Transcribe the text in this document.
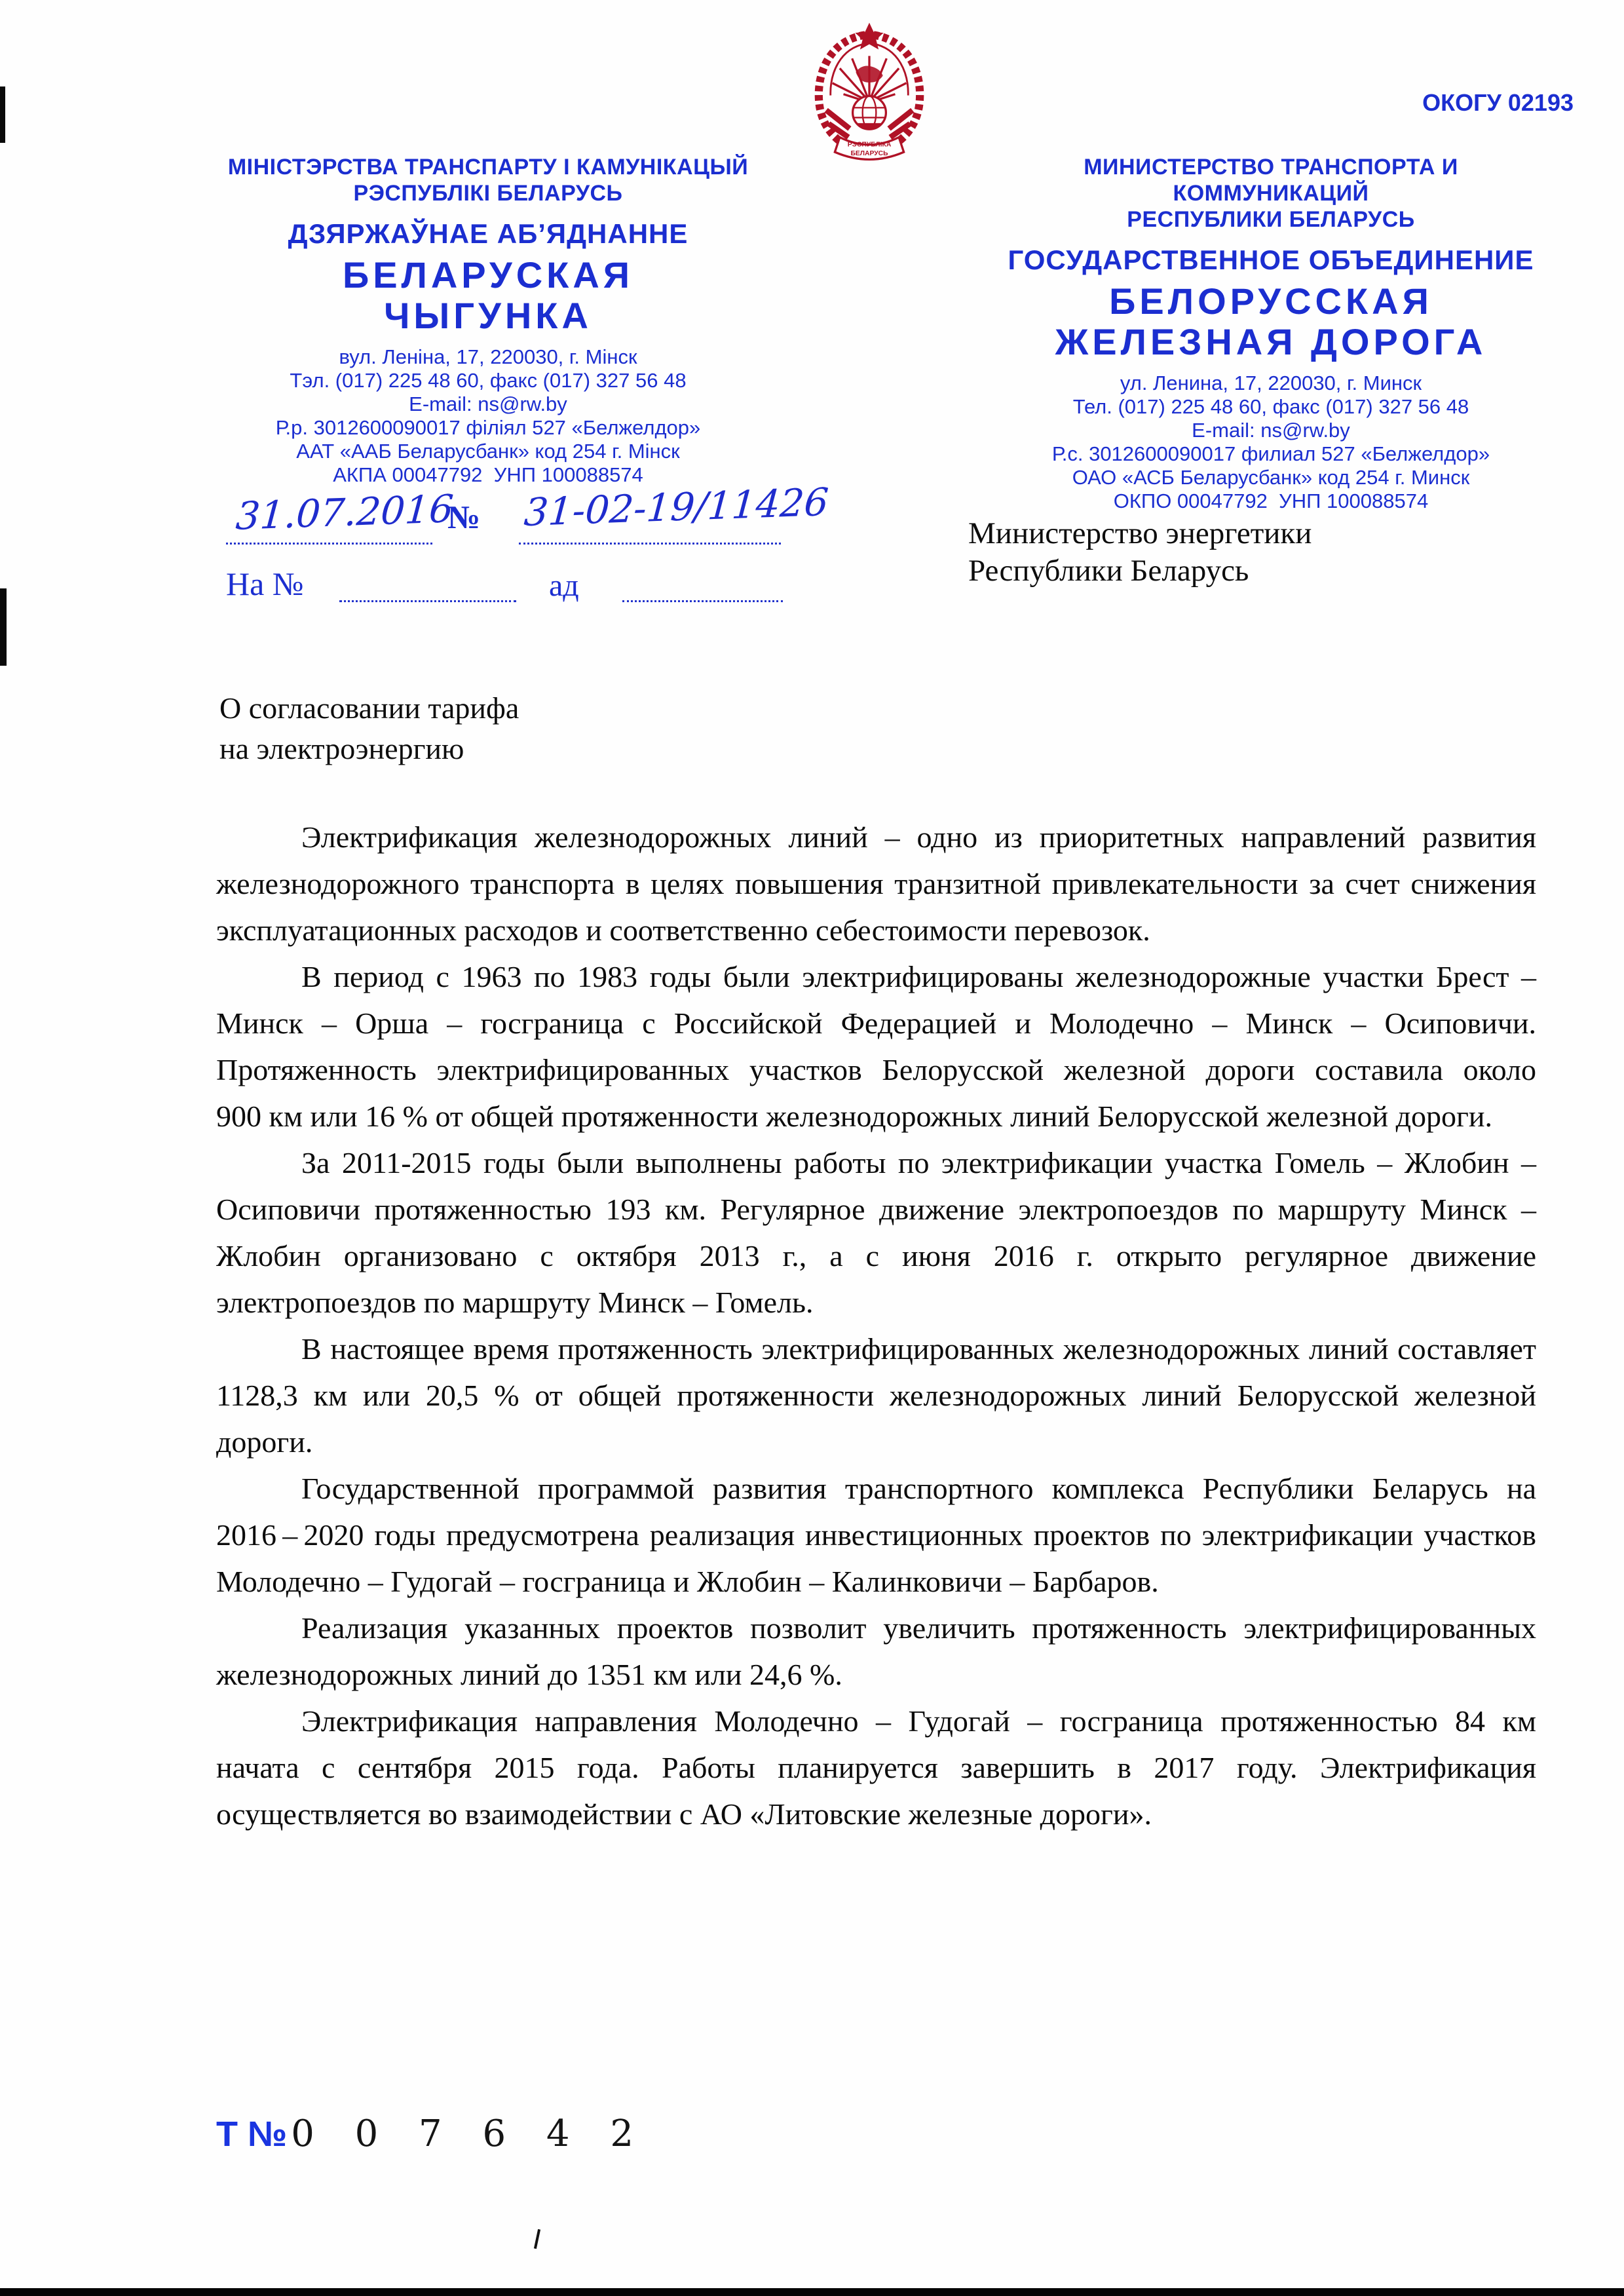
ОКОГУ 02193
РЭСПУБЛІКА
БЕЛАРУСЬ
МІНІСТЭРСТВА ТРАНСПАРТУ І КАМУНІКАЦЫЙ
РЭСПУБЛІКІ БЕЛАРУСЬ
ДЗЯРЖАЎНАЕ АБ’ЯДНАННЕ
БЕЛАРУСКАЯ
ЧЫГУНКА
вул. Леніна, 17, 220030, г. Мінск
Тэл. (017) 225 48 60, факс (017) 327 56 48
E-mail: ns@rw.by
Р.р. 3012600090017 філіял 527 «Белжелдор»
ААТ «ААБ Беларусбанк» код 254 г. Мінск
АКПА 00047792  УНП 100088574
МИНИСТЕРСТВО ТРАНСПОРТА И КОММУНИКАЦИЙ
РЕСПУБЛИКИ БЕЛАРУСЬ
ГОСУДАРСТВЕННОЕ ОБЪЕДИНЕНИЕ
БЕЛОРУССКАЯ
ЖЕЛЕЗНАЯ ДОРОГА
ул. Ленина, 17, 220030, г. Минск
Тел. (017) 225 48 60, факс (017) 327 56 48
E-mail: ns@rw.by
Р.с. 3012600090017 филиал 527 «Белжелдор»
ОАО «АСБ Беларусбанк» код 254 г. Минск
ОКПО 00047792  УНП 100088574
31.07.2016
№ 31-02-19/11426
На №	ад
Министерство энергетики
Республики Беларусь
О согласовании тарифа
на электроэнергию

Электрификация железнодорожных линий – одно из приоритетных направлений развития железнодорожного транспорта в целях повышения транзитной привлекательности за счет снижения эксплуатационных расходов и соответственно себестоимости перевозок.

В период с 1963 по 1983 годы были электрифицированы железнодорожные участки Брест – Минск – Орша – госграница с Российской Федерацией и Молодечно – Минск – Осиповичи. Протяженность электрифицированных участков Белорусской железной дороги составила около 900 км или 16 % от общей протяженности железнодорожных линий Белорусской железной дороги.

За 2011-2015 годы были выполнены работы по электрификации участка Гомель – Жлобин – Осиповичи протяженностью 193 км. Регулярное движение электропоездов по маршруту Минск – Жлобин организовано с октября 2013 г., а с июня 2016 г. открыто регулярное движение электропоездов по маршруту Минск – Гомель.

В настоящее время протяженность электрифицированных железнодорожных линий составляет 1128,3 км или 20,5 % от общей протяженности железнодорожных линий Белорусской железной дороги.

Государственной программой развития транспортного комплекса Республики Беларусь на 2016 – 2020 годы предусмотрена реализация инвестиционных проектов по электрификации участков Молодечно – Гудогай – госграница и Жлобин – Калинковичи – Барбаров.

Реализация указанных проектов позволит увеличить протяженность электрифицированных железнодорожных линий до 1351 км или 24,6 %.

Электрификация направления Молодечно – Гудогай – госграница протяженностью 84 км начата с сентября 2015 года. Работы планируется завершить в 2017 году. Электрификация осуществляется во взаимодействии с АО «Литовские железные дороги».

Т № 0 0 7 6 4 2
